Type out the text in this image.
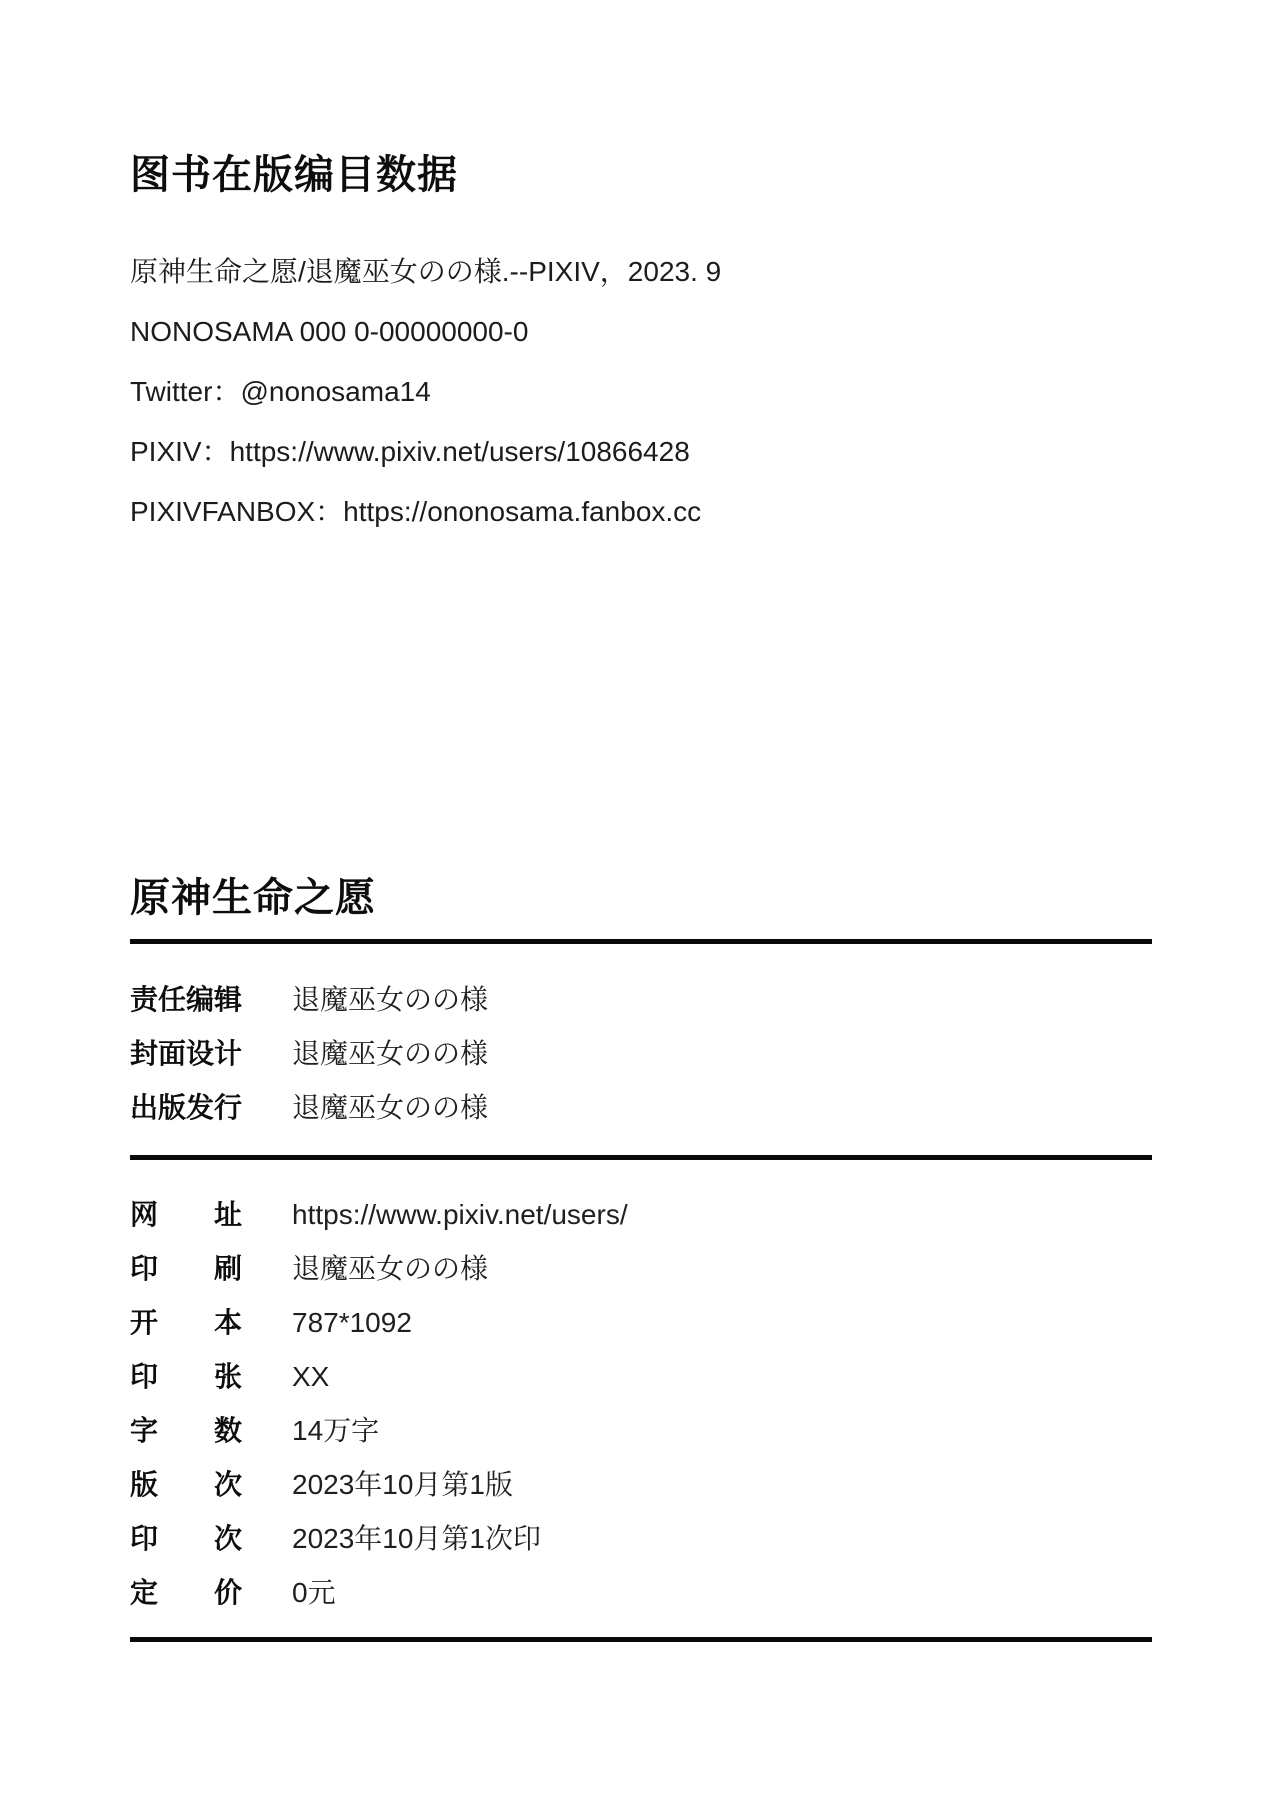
图书在版编目数据
原神生命之愿/退魔巫女のの様.--PIXIV，2023. 9
NONOSAMA 000 0-00000000-0
Twitter：@nonosama14
PIXIV：https://www.pixiv.net/users/10866428
PIXIVFANBOX：https://ononosama.fanbox.cc
原神生命之愿
责任编辑	退魔巫女のの様
封面设计	退魔巫女のの様
出版发行	退魔巫女のの様
网　　址	https://www.pixiv.net/users/
印　　刷	退魔巫女のの様
开　　本	787*1092
印　　张	XX
字　　数	14万字
版　　次	2023年10月第1版
印　　次	2023年10月第1次印
定　　价	0元
